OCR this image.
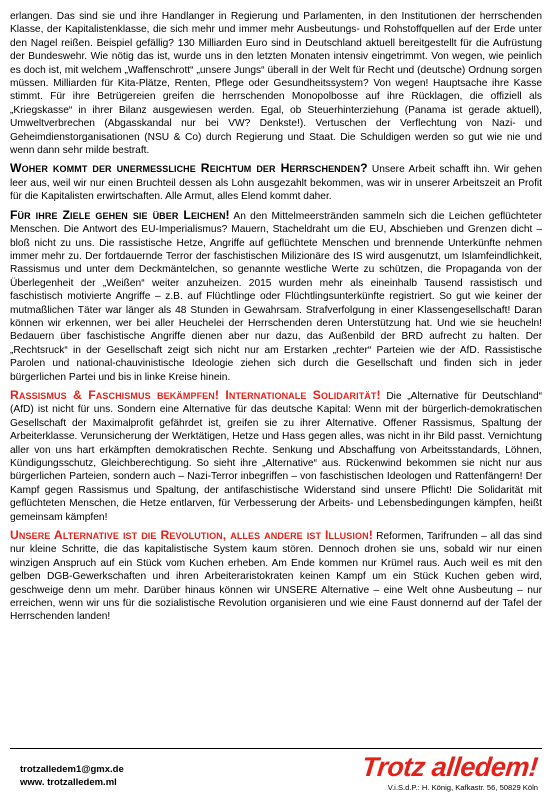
erlangen. Das sind sie und ihre Handlanger in Regierung und Parlamenten, in den Institutionen der herrschenden Klasse, der Kapitalistenklasse, die sich mehr und immer mehr Ausbeutungs- und Rohstoffquellen auf der Erde unter den Nagel reißen. Beispiel gefällig? 130 Milliarden Euro sind in Deutschland aktuell bereitgestellt für die Aufrüstung der Bundeswehr. Wie nötig das ist, wurde uns in den letzten Monaten intensiv eingetrimmt. Von wegen, wie peinlich es doch ist, mit welchem „Waffenschrott“ „unsere Jungs“ überall in der Welt für Recht und (deutsche) Ordnung sorgen müssen. Milliarden für Kita-Plätze, Renten, Pflege oder Gesundheitssystem? Von wegen! Hauptsache ihre Kasse stimmt. Für ihre Betrügereien greifen die herrschenden Monopolbosse auf ihre Rücklagen, die offiziell als „Kriegskasse“ in ihrer Bilanz ausgewiesen werden. Egal, ob Steuerhinterziehung (Panama ist gerade aktuell), Umweltverbrechen (Abgasskandal nur bei VW? Denkste!). Vertuschen der Verflechtung von Nazi- und Geheimdienstorganisationen (NSU & Co) durch Regierung und Staat. Die Schuldigen werden so gut wie nie und wenn dann sehr milde bestraft.

Woher kommt der unermessliche Reichtum der Herrschenden? Unsere Arbeit schafft ihn. Wir gehen leer aus, weil wir nur einen Bruchteil dessen als Lohn ausgezahlt bekommen, was wir in unserer Arbeitszeit an Profit für die Kapitalisten erwirtschaften. Alle Armut, alles Elend kommt daher.

Für ihre Ziele gehen sie über Leichen! An den Mittelmeerstränden sammeln sich die Leichen geflüchteter Menschen. Die Antwort des EU-Imperialismus? Mauern, Stacheldraht um die EU, Abschieben und Grenzen dicht – bloß nicht zu uns. Die rassistische Hetze, Angriffe auf geflüchtete Menschen und brennende Unterkünfte nehmen immer mehr zu. Der fortdauernde Terror der faschistischen Milizionäre des IS wird ausgenutzt, um Islamfeindlichkeit, Rassismus und unter dem Deckmäntelchen, so genannte westliche Werte zu schützen, die Propaganda von der Überlegenheit der „Weißen“ weiter anzuheizen. 2015 wurden mehr als eineinhalb Tausend rassistisch und faschistisch motivierte Angriffe – z.B. auf Flüchtlinge oder Flüchtlingsunterkünfte registriert. So gut wie keiner der mutmaßlichen Täter war länger als 48 Stunden in Gewahrsam. Strafverfolgung in einer Klassengesellschaft! Daran können wir erkennen, wer bei aller Heuchelei der Herrschenden deren Unterstützung hat. Und wie sie heucheln! Bedauern über faschistische Angriffe dienen aber nur dazu, das Außenbild der BRD aufrecht zu halten. Der „Rechtsruck“ in der Gesellschaft zeigt sich nicht nur am Erstarken „rechter“ Parteien wie der AfD. Rassistische Parolen und national-chauvinistische Ideologie ziehen sich durch die Gesellschaft und finden sich in jeder bürgerlichen Partei und bis in linke Kreise hinein.

Rassismus & Faschismus bekämpfen! Internationale Solidarität! Die „Alternative für Deutschland“ (AfD) ist nicht für uns. Sondern eine Alternative für das deutsche Kapital: Wenn mit der bürgerlich-demokratischen Gesellschaft der Maximalprofit gefährdet ist, greifen sie zu ihrer Alternative. Offener Rassismus, Spaltung der Arbeiterklasse. Verunsicherung der Werktätigen, Hetze und Hass gegen alles, was nicht in ihr Bild passt. Vernichtung aller von uns hart erkämpften demokratischen Rechte. Senkung und Abschaffung von Arbeitsstandards, Löhnen, Kündigungsschutz, Gleichberechtigung. So sieht ihre „Alternative“ aus. Rückenwind bekommen sie nicht nur aus bürgerlichen Parteien, sondern auch – Nazi-Terror inbegriffen – von faschistischen Ideologen und Rattenfängern! Der Kampf gegen Rassismus und Spaltung, der antifaschistische Widerstand sind unsere Pflicht! Die Solidarität mit geflüchteten Menschen, die Hetze entlarven, für Verbesserung der Arbeits- und Lebensbedingungen kämpfen, heißt gemeinsam kämpfen!

Unsere Alternative ist die Revolution, alles andere ist Illusion! Reformen, Tarifrunden – all das sind nur kleine Schritte, die das kapitalistische System kaum stören. Dennoch drohen sie uns, sobald wir nur einen winzigen Anspruch auf ein Stück vom Kuchen erheben. Am Ende kommen nur Krümel raus. Auch weil es mit den gelben DGB-Gewerkschaften und ihren Arbeiteraristokraten keinen Kampf um ein Stück Kuchen geben wird, geschweige denn um mehr. Darüber hinaus können wir UNSERE Alternative – eine Welt ohne Ausbeutung – nur erreichen, wenn wir uns für die sozialistische Revolution organisieren und wie eine Faust donnernd auf der Tafel der Herrschenden landen!

trotzalledem1@gmx.de
www. trotzalledem.ml
Trotz alledem!
V.i.S.d.P.: H. König, Kafkastr. 56, 50829 Köln
